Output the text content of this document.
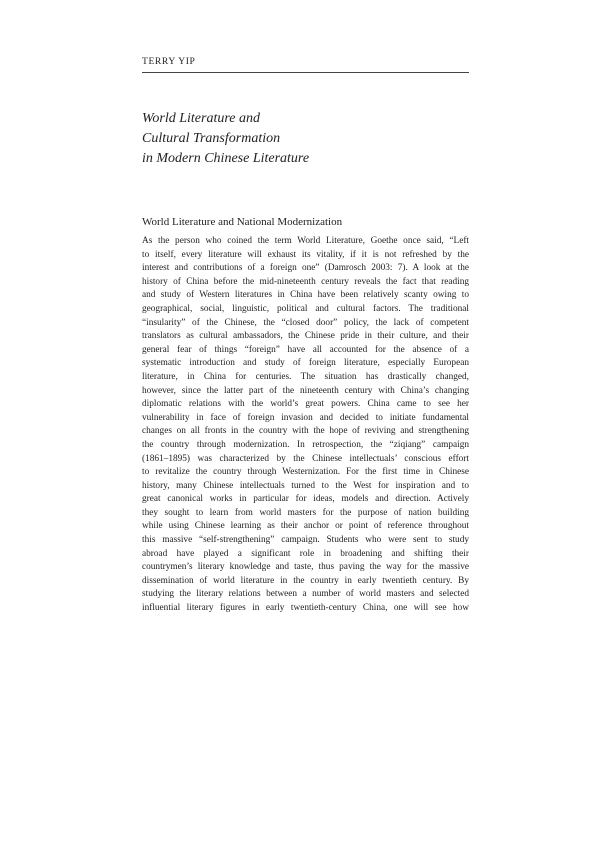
TERRY YIP
World Literature and
Cultural Transformation
in Modern Chinese Literature
World Literature and National Modernization
As the person who coined the term World Literature, Goethe once said, “Left
to itself, every literature will exhaust its vitality, if it is not refreshed by the
interest and contributions of a foreign one” (Damrosch 2003: 7). A look at the
history of China before the mid-nineteenth century reveals the fact that reading
and study of Western literatures in China have been relatively scanty owing to
geographical, social, linguistic, political and cultural factors. The traditional
“insularity” of the Chinese, the “closed door” policy, the lack of competent
translators as cultural ambassadors, the Chinese pride in their culture, and their
general fear of things “foreign” have all accounted for the absence of a
systematic introduction and study of foreign literature, especially European
literature, in China for centuries. The situation has drastically changed,
however, since the latter part of the nineteenth century with China’s changing
diplomatic relations with the world’s great powers. China came to see her
vulnerability in face of foreign invasion and decided to initiate fundamental
changes on all fronts in the country with the hope of reviving and strengthening
the country through modernization. In retrospection, the “ziqiang” campaign
(1861–1895) was characterized by the Chinese intellectuals’ conscious effort
to revitalize the country through Westernization. For the first time in Chinese
history, many Chinese intellectuals turned to the West for inspiration and to
great canonical works in particular for ideas, models and direction. Actively
they sought to learn from world masters for the purpose of nation building
while using Chinese learning as their anchor or point of reference throughout
this massive “self-strengthening” campaign. Students who were sent to study
abroad have played a significant role in broadening and shifting their
countrymen’s literary knowledge and taste, thus paving the way for the massive
dissemination of world literature in the country in early twentieth century. By
studying the literary relations between a number of world masters and selected
influential literary figures in early twentieth-century China, one will see how
